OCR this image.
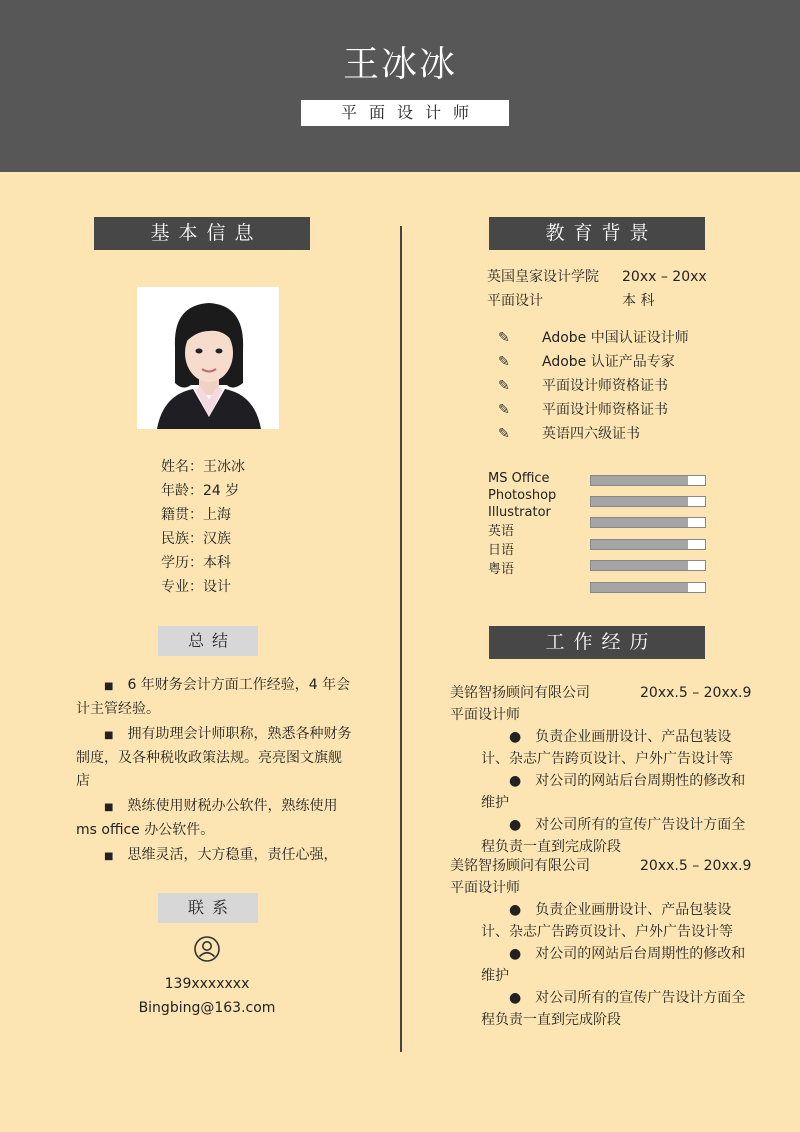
王冰冰
平面设计师
基本信息
姓名：王冰冰
年龄：24 岁
籍贯：上海
民族：汉族
学历：本科
专业：设计
总结
■ 6 年财务会计方面工作经验，4 年会计主管经验。
■ 拥有助理会计师职称，熟悉各种财务制度，及各种税收政策法规。亮亮图文旗舰店
■ 熟练使用财税办公软件，熟练使用 ms office 办公软件。
■ 思维灵活，大方稳重，责任心强，
联系
139xxxxxxx
Bingbing@163.com
教育背景
英国皇家设计学院 20xx – 20xx
平面设计	本 科
✎ Adobe 中国认证设计师
✎ Adobe 认证产品专家
✎ 平面设计师资格证书
✎ 平面设计师资格证书
✎ 英语四六级证书
MS Office
Photoshop
Illustrator
英语
日语
粤语
工作经历
美铭智扬顾问有限公司	20xx.5 – 20xx.9
平面设计师
● 负责企业画册设计、产品包装设计、杂志广告跨页设计、户外广告设计等
● 对公司的网站后台周期性的修改和维护
● 对公司所有的宣传广告设计方面全程负责一直到完成阶段
美铭智扬顾问有限公司	20xx.5 – 20xx.9
平面设计师
● 负责企业画册设计、产品包装设计、杂志广告跨页设计、户外广告设计等
● 对公司的网站后台周期性的修改和维护
● 对公司所有的宣传广告设计方面全程负责一直到完成阶段
